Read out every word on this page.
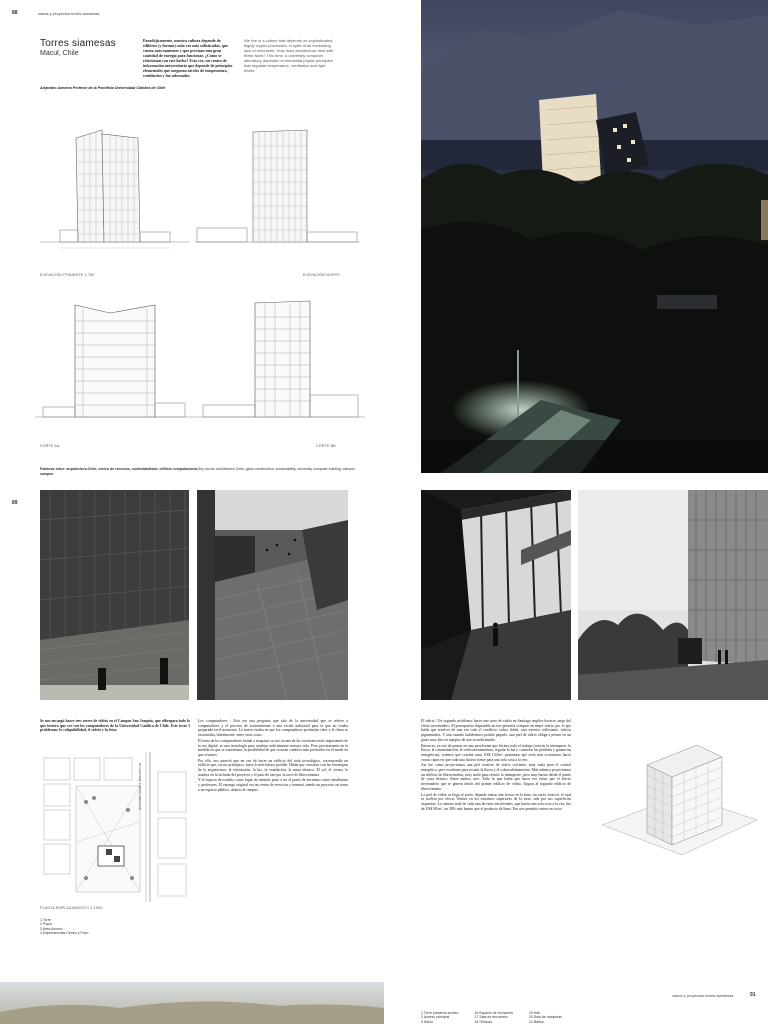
88	casos y proyectos torres siamesas
Torres siamesas
Macul, Chile
Paradójicamente, nuestra cultura depende de edificios (y formas) cada vez más sofisticadas, que cuesta más mantener y que precisan una gran cantidad de energía para funcionar. ¿Cómo se relacionan con este hecho? Esta vez, un centro de información universitario que depende de principios elementales que aseguran niveles de temperatura, ventilación y luz adecuados.
We live in a culture that depends on sophisticated, highly cryptic processes, in spite of an increasing lack of resources. How does architecture deal with these facts? This time, a university computer laboratory depends on elemental physic principles that regulate temperature, ventilation and light levels.
Alejandro Aravena Profesor de la Pontificia Universidad Católica de Chile
ELEVACIÓN PONIENTE 1:750	ELEVACIÓN NORTE
CORTE AA	CORTE BB
Palabras clave: arquitectura-Chile, centro de recursos, sustentabilidad, edificio computacional, campus
Key words: architecture-Chile, glass construction, sustainability, university computer building, campus
89
Se nos encargó hacer tres torres de vidrio en el Campus San Joaquín, que albergara todo lo que tuviera que ver con los computadores de la Universidad Católica de Chile. Este texto 3 problemas: lo colapsibilidad, el vidrio y la ética.
Avenida Vicuña Mackenna
PLANTA EMPLAZAMIENTO 1:1500
1 Torre
2 Plaza
3 Área Acceso
4 Dependencias Centro y Fono

Los computadores / Esta era una pregunta que sale de la universidad que se refiere a computadores y el proceso de sostenimiento a una escala industrial para la que no estaba preparada en el momento. Lo nuevo estaba en que los computadores producían calor y el clima se encontraba, literalmente, entre otras cosas.

El tema de los computadores tiende a traspasar su uso en una de las cuestiones más importantes de la era digital, es una tecnología para cambiar radicalmente nuestra vida. Pero precisamente en la medida en que se transforma, la posibilidad de que ocurran cambios más profundos en el modo en que vivimos.

Por ello, nos pareció que en vez de hacer un edificio del todo tecnológico, correspondía un edificio que, en sus principios, fuera lo más básico posible. Había que construir con las estrategias de la arquitectura: la orientación, la luz, la ventilación, la masa térmica. El sol, el viento, la sombra en la fachada del proyecto y el paso de aire por la torre de fibrocemento.

Y el espacio de estudio, como lugar de reunión, pasó a ser el punto de encuentro entre estudiantes y profesores. El encargo original era un centro de servicios y terminó siendo un proyecto en torno a un espacio público, abierto al campus.

El vidrio / Un segundo problema: hacer una torre de vidrio en Santiago implica hacerse cargo del efecto invernadero. El presupuesto disponible no nos permitía comprar un mejor vidrio, por lo que había que resolver de una vez todo el conflicto: vidrio doble, cara exterior reflectante, vidrios pigmentados. Y aun cuando hubiésemos podido pagarlo, una piel de vidrio obliga a pensar en un gasto muy alto en equipos de aire acondicionado.

Entonces, en vez de pensar en una envolvente que hiciera todo el trabajo (resistir la intemperie, la lluvia, la contaminación, el sobrecalentamiento, regular la luz y controlar las pérdidas y ganancias energéticas), creímos que costaba unos US$ 120/m², pensamos que sería más económico hacer varias capas en que cada una hiciera frente para una sola cosa a la vez.

Así fue como proyectamos una piel exterior de vidrio corriente, muy mala para el control energético, pero excelente para resistir la lluvia y el sobrecalentamiento. Más adentro proyectamos un edificio de fibrocemento, muy malo para resistir la intemperie, pero muy bueno desde el punto de vista térmico. Entre ambos, aire. Todo lo que había que hacer era evitar que el efecto invernadero que se genera detrás del primer edificio de vidrio, llegara al segundo edificio de fibrocemento.

La piel de vidrio se llega al suelo, dejando entrar aire fresco en la base; un vacío vertical, el cual se acelera por efecto Venturi en los extremos superiores de la torre, sale por sus superficies expuestas. La cámara total de cada una de estas envolventes, que hacen una sola cosa a la vez, fue de US$ 90/m², un 30% más barato que el producto de línea. Eso nos permitió entrar en costo.

1 Torre preserva acceso
2 Acceso principal
3 Salón
16 Espacio de reuniones
17 Sala de encuentro
18 Oficinas
19 Hall
20 Sala de máquinas
21 Baños
casos y proyectos torres siamesas	91
